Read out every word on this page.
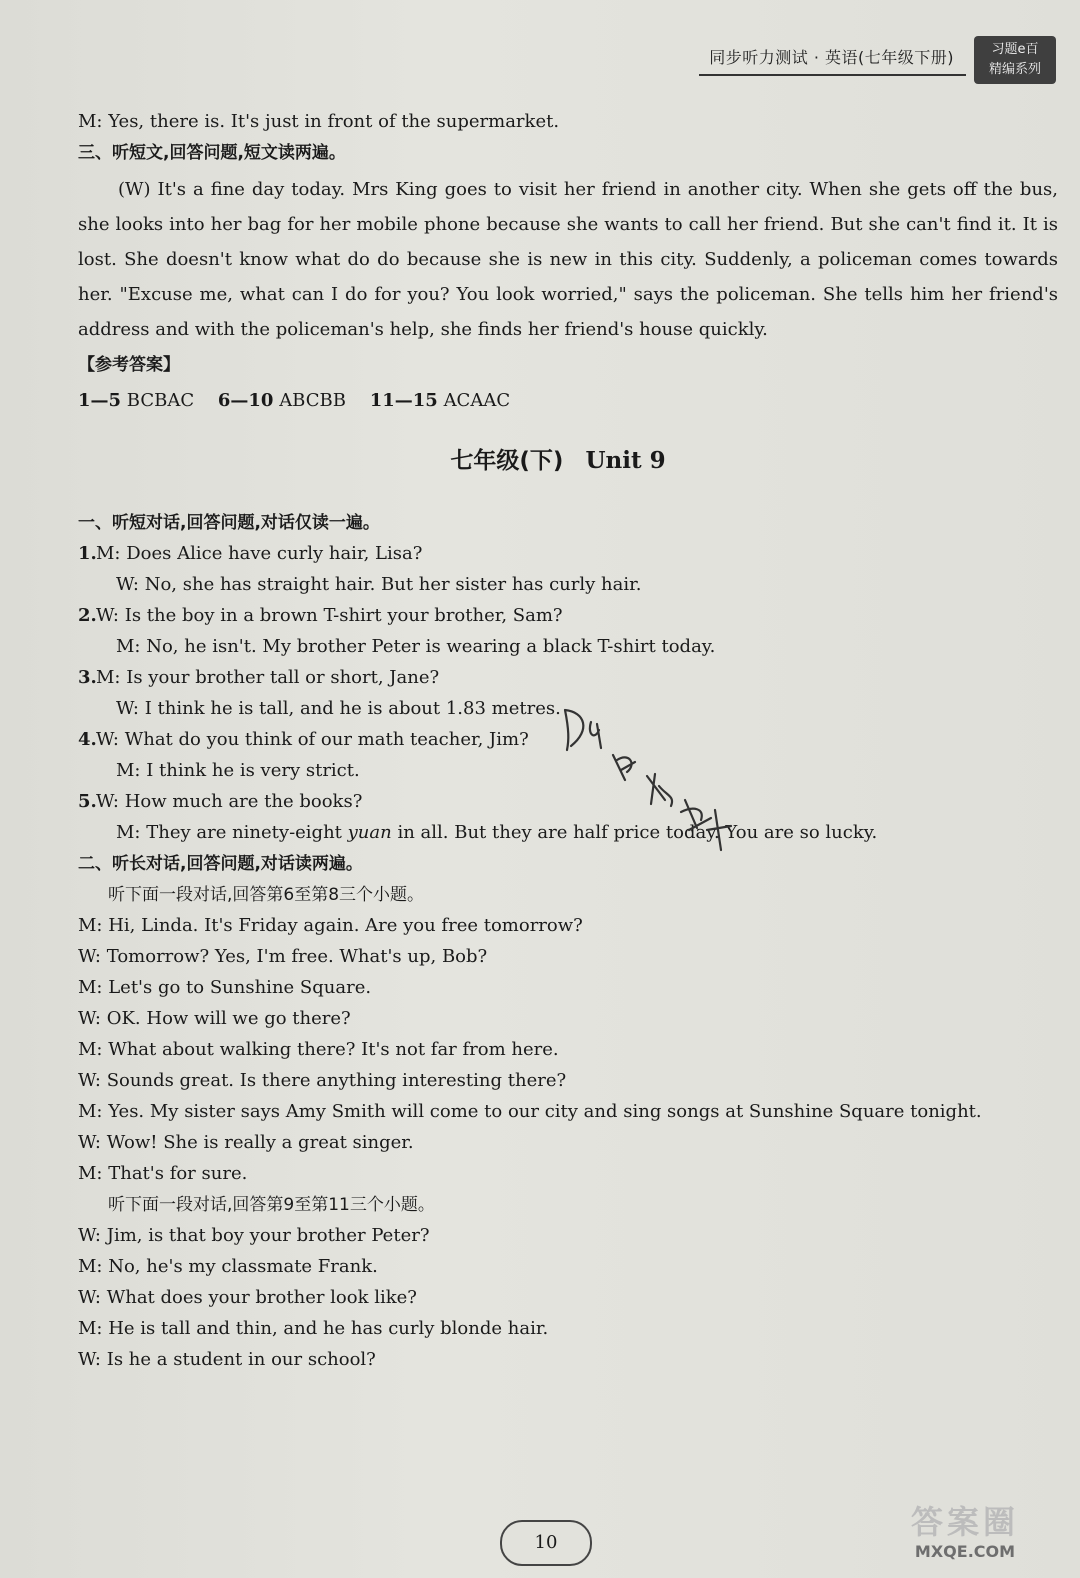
同步听力测试 · 英语(七年级下册)	习题e百
精编系列
M: Yes, there is. It's just in front of the supermarket.
三、听短文,回答问题,短文读两遍。
(W) It's a fine day today. Mrs King goes to visit her friend in another city. When she gets off the bus, she looks into her bag for her mobile phone because she wants to call her friend. But she can't find it. It is lost. She doesn't know what do do because she is new in this city. Suddenly, a policeman comes towards her. "Excuse me, what can I do for you? You look worried," says the policeman. She tells him her friend's address and with the policeman's help, she finds her friend's house quickly.
【参考答案】
1—5 BCBAC 6—10 ABCBB 11—15 ACAAC
七年级(下) Unit 9
一、听短对话,回答问题,对话仅读一遍。
1.M: Does Alice have curly hair, Lisa?
W: No, she has straight hair. But her sister has curly hair.
2.W: Is the boy in a brown T-shirt your brother, Sam?
M: No, he isn't. My brother Peter is wearing a black T-shirt today.
3.M: Is your brother tall or short, Jane?
W: I think he is tall, and he is about 1.83 metres.
4.W: What do you think of our math teacher, Jim?
M: I think he is very strict.
5.W: How much are the books?
M: They are ninety-eight yuan in all. But they are half price today. You are so lucky.
二、听长对话,回答问题,对话读两遍。
听下面一段对话,回答第6至第8三个小题。
M: Hi, Linda. It's Friday again. Are you free tomorrow?
W: Tomorrow? Yes, I'm free. What's up, Bob?
M: Let's go to Sunshine Square.
W: OK. How will we go there?
M: What about walking there? It's not far from here.
W: Sounds great. Is there anything interesting there?
M: Yes. My sister says Amy Smith will come to our city and sing songs at Sunshine Square tonight.
W: Wow! She is really a great singer.
M: That's for sure.
听下面一段对话,回答第9至第11三个小题。
W: Jim, is that boy your brother Peter?
M: No, he's my classmate Frank.
W: What does your brother look like?
M: He is tall and thin, and he has curly blonde hair.
W: Is he a student in our school?
10
答案圈
MXQE.COM
